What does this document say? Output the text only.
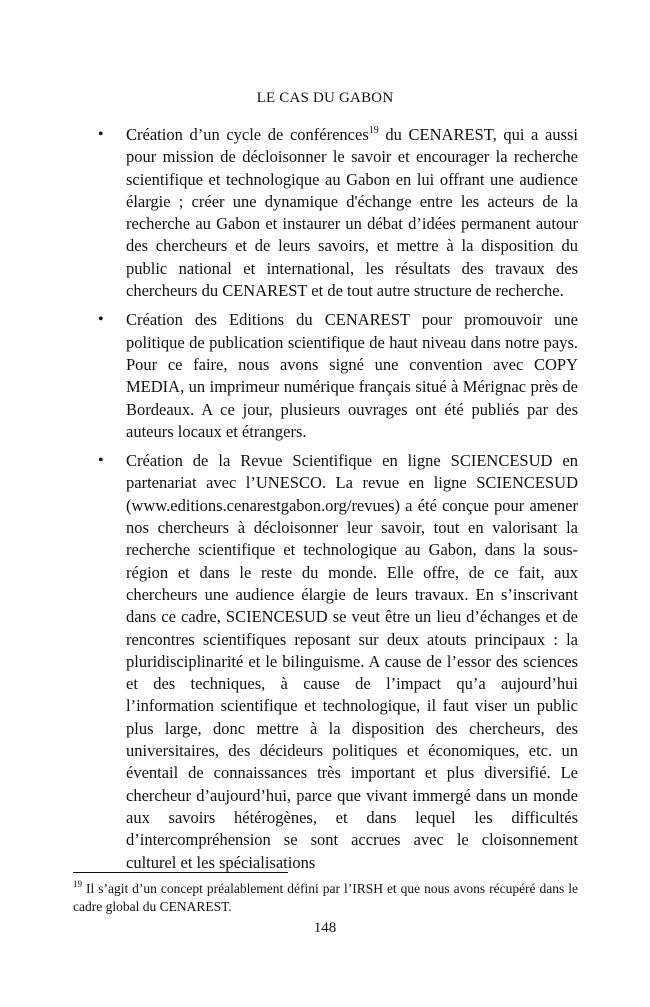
LE CAS DU GABON
• Création d’un cycle de conférences$^{19}$ du CENAREST, qui a aussi pour mission de décloisonner le savoir et encourager la recherche scientifique et technologique au Gabon en lui offrant une audience élargie ; créer une dynamique d'échange entre les acteurs de la recherche au Gabon et instaurer un débat d’idées permanent autour des chercheurs et de leurs savoirs, et mettre à la disposition du public national et international, les résultats des travaux des chercheurs du CENAREST et de tout autre structure de recherche.
• Création des Editions du CENAREST pour promouvoir une politique de publication scientifique de haut niveau dans notre pays. Pour ce faire, nous avons signé une convention avec COPY MEDIA, un imprimeur numérique français situé à Mérignac près de Bordeaux. A ce jour, plusieurs ouvrages ont été publiés par des auteurs locaux et étrangers.
• Création de la Revue Scientifique en ligne SCIENCESUD en partenariat avec l’UNESCO. La revue en ligne SCIENCESUD (www.editions.cenarestgabon.org/revues) a été conçue pour amener nos chercheurs à décloisonner leur savoir, tout en valorisant la recherche scientifique et technologique au Gabon, dans la sous-région et dans le reste du monde. Elle offre, de ce fait, aux chercheurs une audience élargie de leurs travaux. En s’inscrivant dans ce cadre, SCIENCESUD se veut être un lieu d’échanges et de rencontres scientifiques reposant sur deux atouts principaux : la pluridisciplinarité et le bilinguisme. A cause de l’essor des sciences et des techniques, à cause de l’impact qu’a aujourd’hui l’information scientifique et technologique, il faut viser un public plus large, donc mettre à la disposition des chercheurs, des universitaires, des décideurs politiques et économiques, etc. un éventail de connaissances très important et plus diversifié. Le chercheur d’aujourd’hui, parce que vivant immergé dans un monde aux savoirs hétérogènes, et dans lequel les difficultés d’intercompréhension se sont accrues avec le cloisonnement culturel et les spécialisations
$^{19}$ Il s’agit d’un concept préalablement défini par l’IRSH et que nous avons récupéré dans le cadre global du CENAREST.
148
